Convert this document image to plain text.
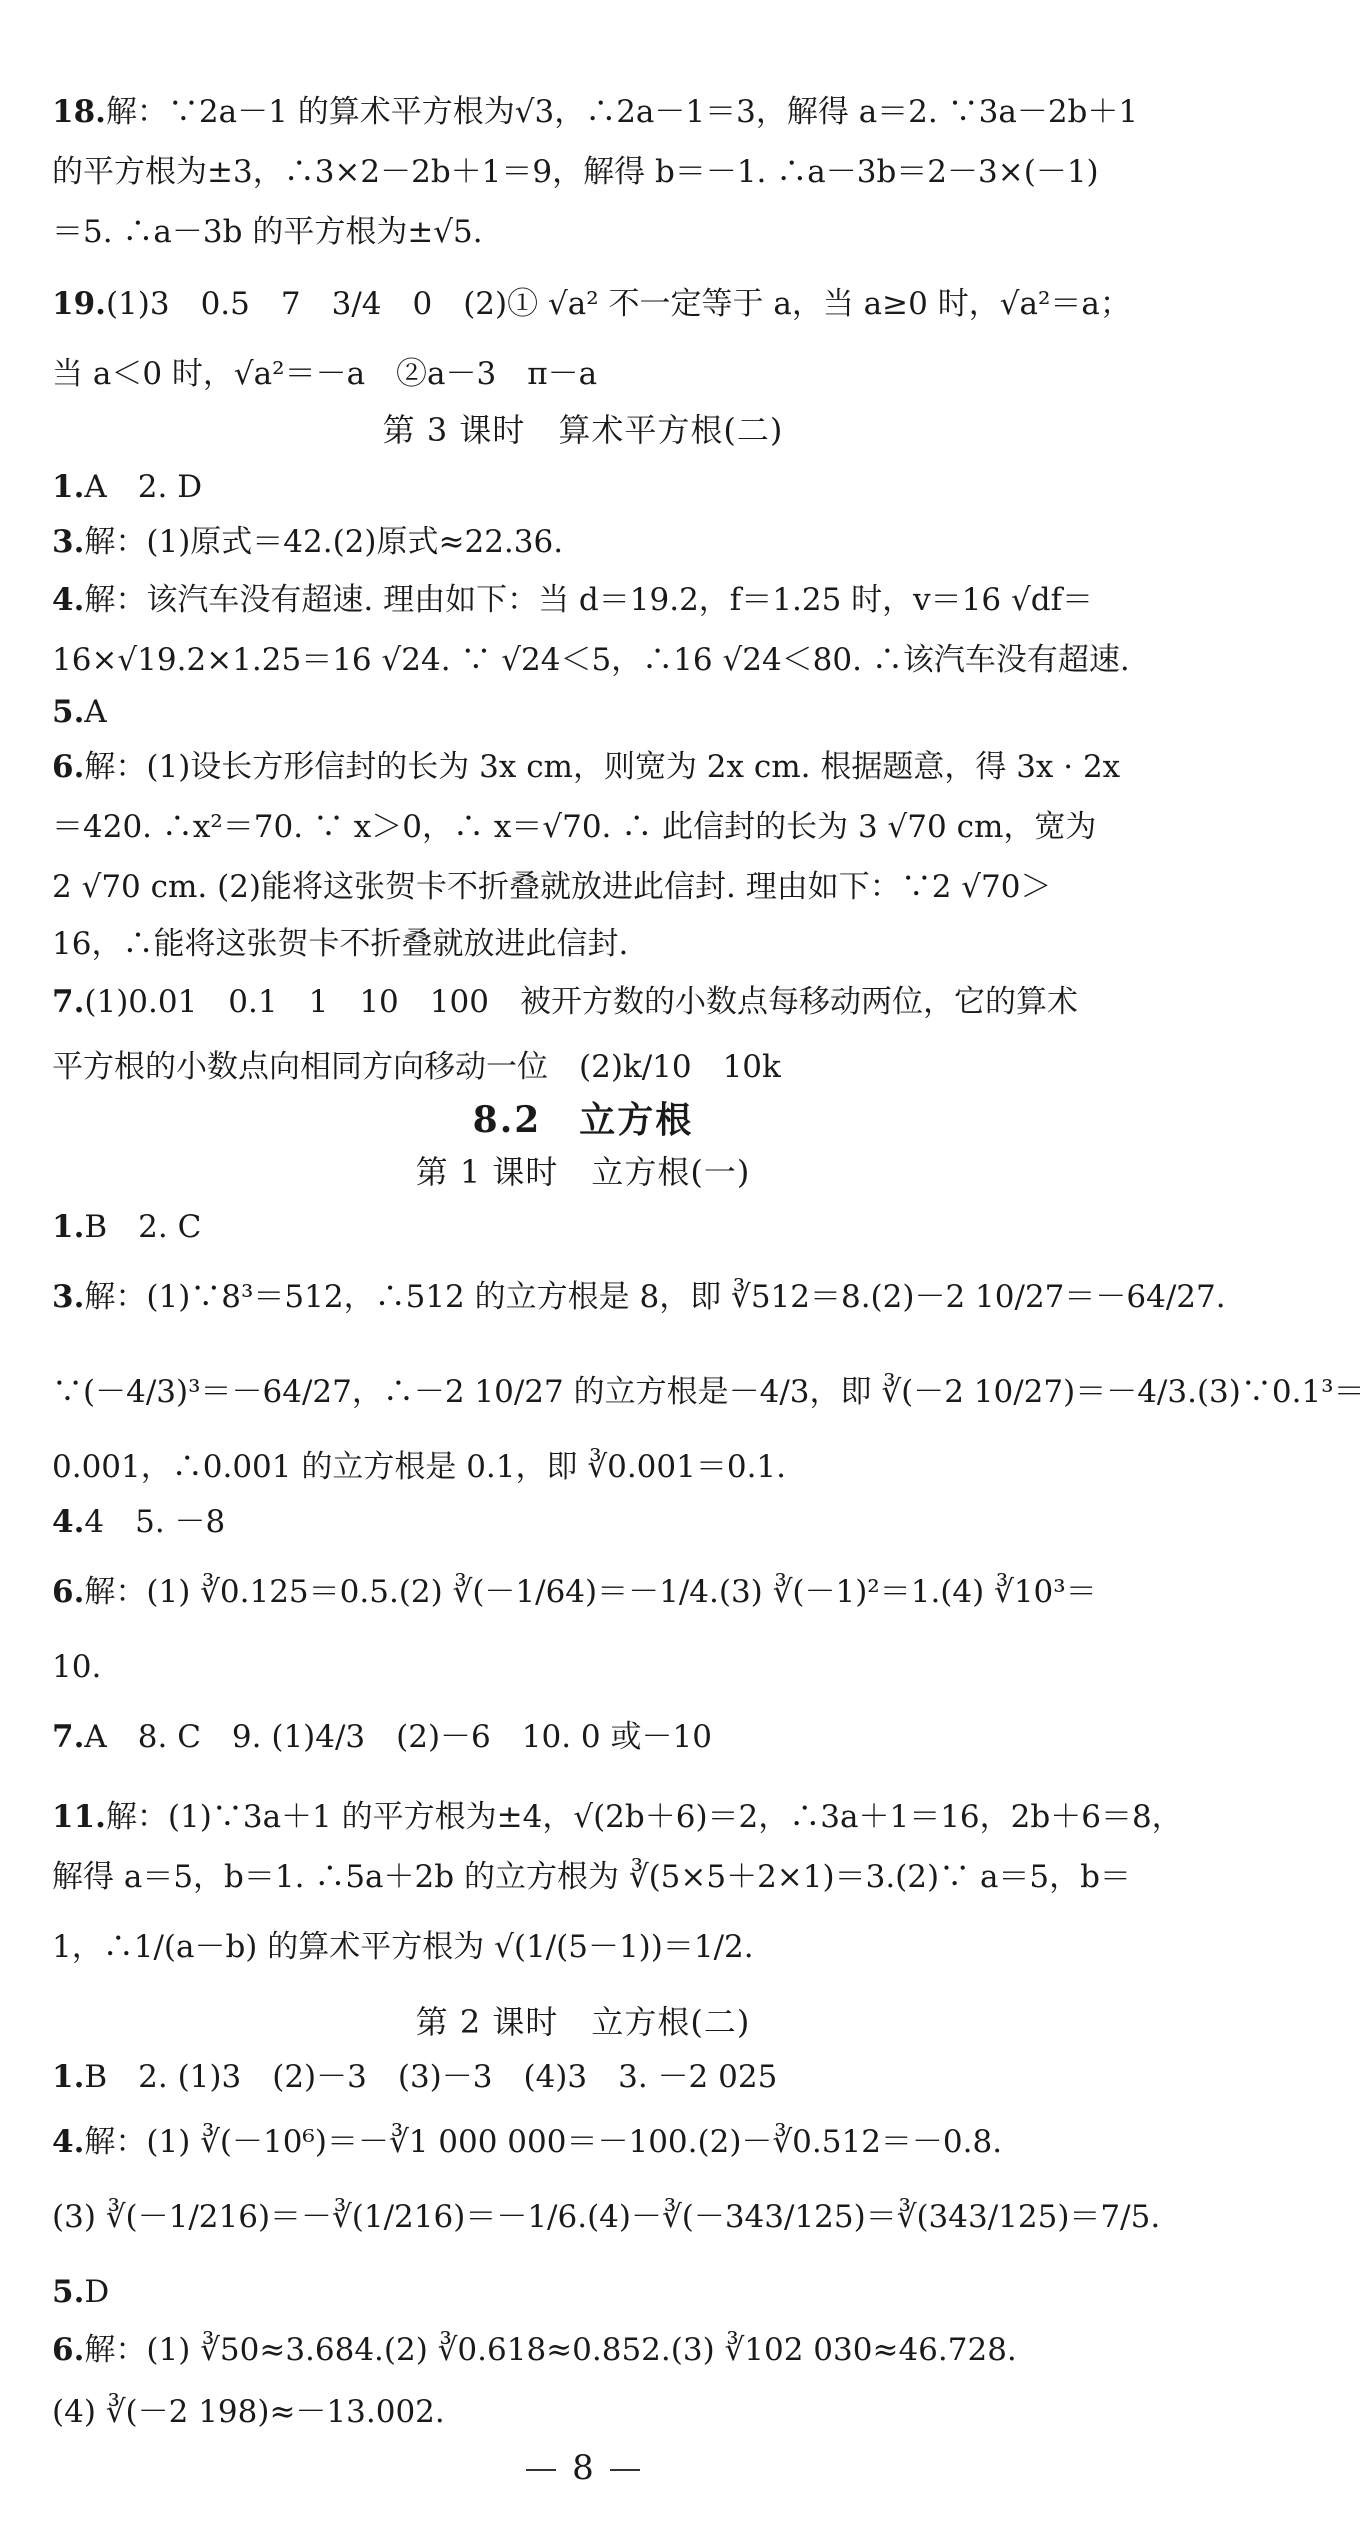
18.解：∵2a－1 的算术平方根为√3，∴2a－1＝3，解得 a＝2. ∵3a－2b＋1
的平方根为±3，∴3×2－2b＋1＝9，解得 b＝－1. ∴a－3b＝2－3×(－1)
＝5. ∴a－3b 的平方根为±√5.
19.(1)3　0.5　7　3/4　0　(2)① √a² 不一定等于 a，当 a≥0 时，√a²＝a；
当 a＜0 时，√a²＝－a　②a－3　π－a
第 3 课时　算术平方根(二)
1.A　2. D
3.解：(1)原式＝42.(2)原式≈22.36.
4.解：该汽车没有超速. 理由如下：当 d＝19.2，f＝1.25 时，v＝16 √df＝
16×√19.2×1.25＝16 √24. ∵ √24＜5，∴16 √24＜80. ∴该汽车没有超速.
5.A
6.解：(1)设长方形信封的长为 3x cm，则宽为 2x cm. 根据题意，得 3x · 2x
＝420. ∴x²＝70. ∵ x＞0，∴ x＝√70. ∴ 此信封的长为 3 √70 cm，宽为
2 √70 cm. (2)能将这张贺卡不折叠就放进此信封. 理由如下：∵2 √70＞
16，∴能将这张贺卡不折叠就放进此信封.
7.(1)0.01　0.1　1　10　100　被开方数的小数点每移动两位，它的算术
平方根的小数点向相同方向移动一位　(2)k/10　10k
8.2　立方根
第 1 课时　立方根(一)
1.B　2. C
3.解：(1)∵8³＝512，∴512 的立方根是 8，即 ∛512＝8.(2)－2 10/27＝－64/27.
∵(－4/3)³＝－64/27，∴－2 10/27 的立方根是－4/3，即 ∛(－2 10/27)＝－4/3.(3)∵0.1³＝
0.001，∴0.001 的立方根是 0.1，即 ∛0.001＝0.1.
4.4　5. －8
6.解：(1) ∛0.125＝0.5.(2) ∛(－1/64)＝－1/4.(3) ∛(－1)²＝1.(4) ∛10³＝
10.
7.A　8. C　9. (1)4/3　(2)－6　10. 0 或－10
11.解：(1)∵3a＋1 的平方根为±4，√(2b＋6)＝2，∴3a＋1＝16，2b＋6＝8，
解得 a＝5，b＝1. ∴5a＋2b 的立方根为 ∛(5×5＋2×1)＝3.(2)∵ a＝5，b＝
1，∴1/(a－b) 的算术平方根为 √(1/(5－1))＝1/2.
第 2 课时　立方根(二)
1.B　2. (1)3　(2)－3　(3)－3　(4)3　3. －2 025
4.解：(1) ∛(－10⁶)＝－∛1 000 000＝－100.(2)－∛0.512＝－0.8.
(3) ∛(－1/216)＝－∛(1/216)＝－1/6.(4)－∛(－343/125)＝∛(343/125)＝7/5.
5.D
6.解：(1) ∛50≈3.684.(2) ∛0.618≈0.852.(3) ∛102 030≈46.728.
(4) ∛(－2 198)≈－13.002.
8
